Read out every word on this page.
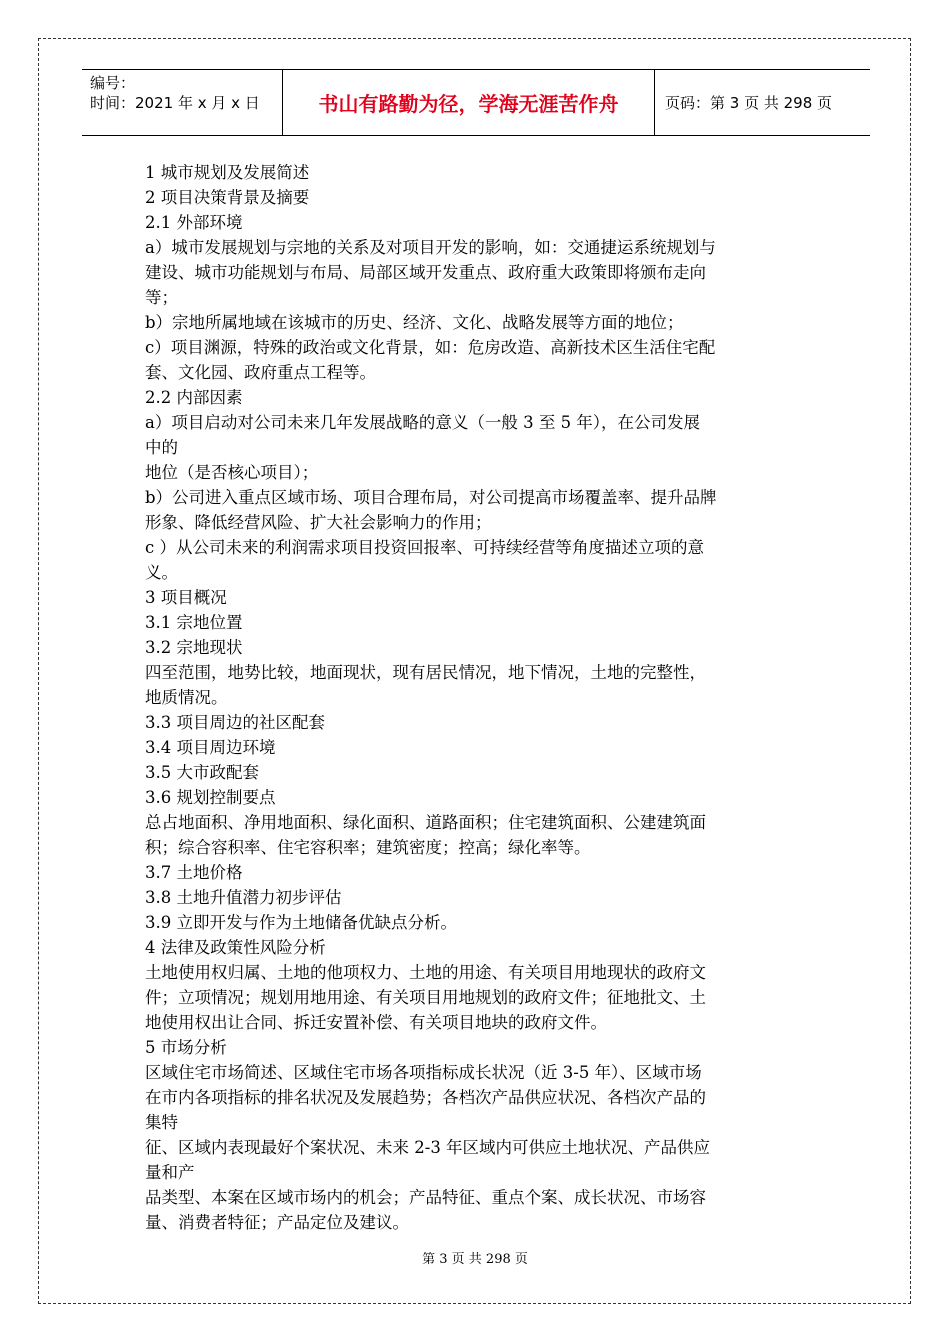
编号：
时间：2021 年 x 月 x 日	书山有路勤为径，学海无涯苦作舟	页码：第 3 页 共 298 页

1 城市规划及发展简述

2 项目决策背景及摘要

2.1 外部环境

a）城市发展规划与宗地的关系及对项目开发的影响，如：交通捷运系统规划与

建设、城市功能规划与布局、局部区域开发重点、政府重大政策即将颁布走向

等；

b）宗地所属地域在该城市的历史、经济、文化、战略发展等方面的地位；

c）项目渊源，特殊的政治或文化背景，如：危房改造、高新技术区生活住宅配

套、文化园、政府重点工程等。

2.2 内部因素

a）项目启动对公司未来几年发展战略的意义（一般 3 至 5 年），在公司发展

中的

地位（是否核心项目）；

b）公司进入重点区域市场、项目合理布局，对公司提高市场覆盖率、提升品牌

形象、降低经营风险、扩大社会影响力的作用；

c ）从公司未来的利润需求项目投资回报率、可持续经营等角度描述立项的意

义。

3 项目概况

3.1 宗地位置

3.2 宗地现状

四至范围，地势比较，地面现状，现有居民情况，地下情况，土地的完整性，

地质情况。

3.3 项目周边的社区配套

3.4 项目周边环境

3.5 大市政配套

3.6 规划控制要点

总占地面积、净用地面积、绿化面积、道路面积；住宅建筑面积、公建建筑面

积；综合容积率、住宅容积率；建筑密度；控高；绿化率等。

3.7 土地价格

3.8 土地升值潜力初步评估

3.9 立即开发与作为土地储备优缺点分析。

4 法律及政策性风险分析

土地使用权归属、土地的他项权力、土地的用途、有关项目用地现状的政府文

件；立项情况；规划用地用途、有关项目用地规划的政府文件；征地批文、土

地使用权出让合同、拆迁安置补偿、有关项目地块的政府文件。

5 市场分析

区域住宅市场简述、区域住宅市场各项指标成长状况（近 3-5 年）、区域市场

在市内各项指标的排名状况及发展趋势；各档次产品供应状况、各档次产品的

集特

征、区域内表现最好个案状况、未来 2-3 年区域内可供应土地状况、产品供应

量和产

品类型、本案在区域市场内的机会；产品特征、重点个案、成长状况、市场容

量、消费者特征；产品定位及建议。

第 3 页 共 298 页
